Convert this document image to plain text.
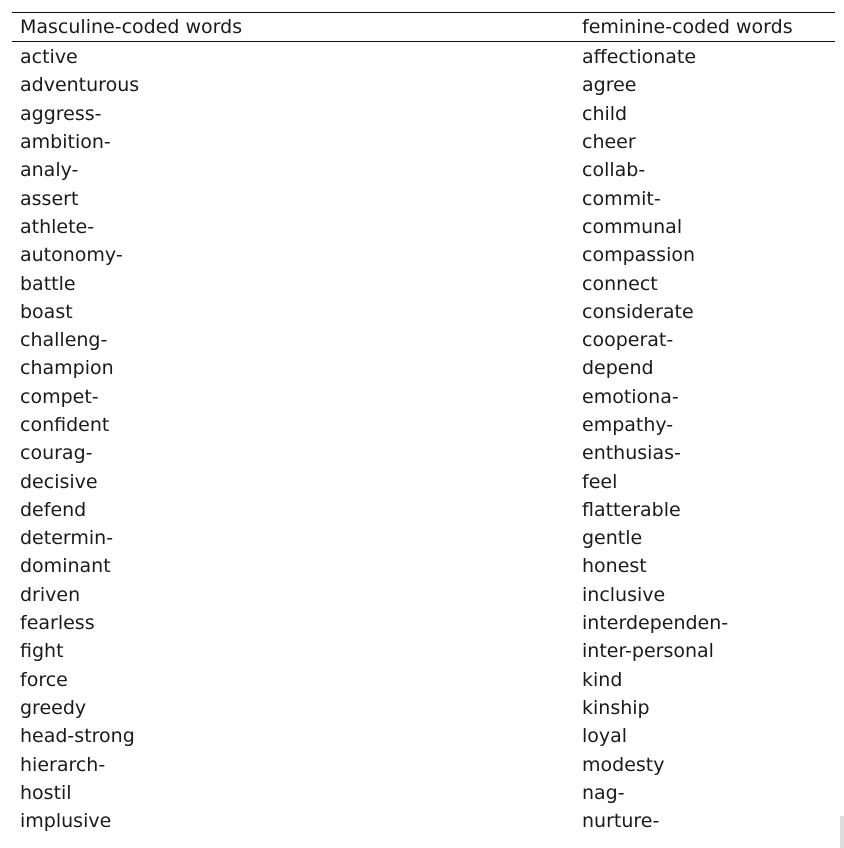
Masculine-coded words	feminine-coded words
active	affectionate
adventurous	agree
aggress-	child
ambition-	cheer
analy-	collab-
assert	commit-
athlete-	communal
autonomy-	compassion
battle	connect
boast	considerate
challeng-	cooperat-
champion	depend
compet-	emotiona-
confident	empathy-
courag-	enthusias-
decisive	feel
defend	flatterable
determin-	gentle
dominant	honest
driven	inclusive
fearless	interdependen-
fight	inter-personal
force	kind
greedy	kinship
head-strong	loyal
hierarch-	modesty
hostil	nag-
implusive	nurture-
